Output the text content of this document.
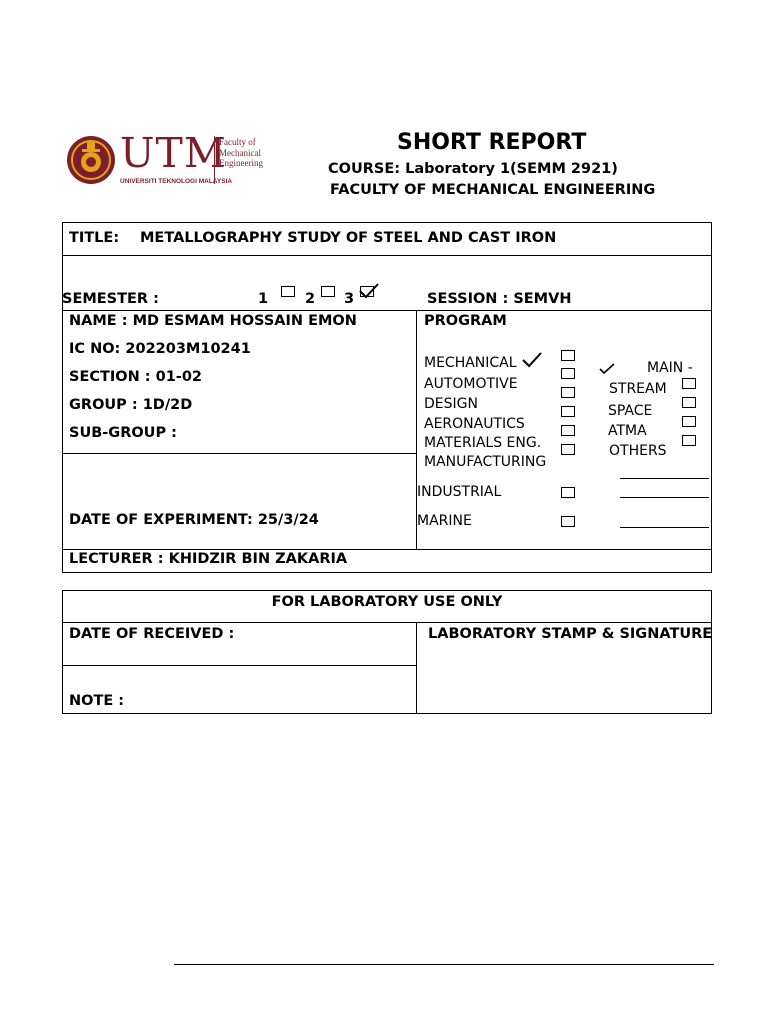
UTM
Faculty of
Mechanical Engineering
UNIVERSITI TEKNOLOGI MALAYSIA
SHORT REPORT
COURSE: Laboratory 1(SEMM 2921)
FACULTY OF MECHANICAL ENGINEERING
TITLE: METALLOGRAPHY STUDY OF STEEL AND CAST IRON
SEMESTER :	1	2 3	SESSION : SEMVH
NAME : MD ESMAM HOSSAIN EMON
IC NO: 202203M10241
SECTION : 01-02
GROUP : 1D/2D
SUB-GROUP :
DATE OF EXPERIMENT: 25/3/24
PROGRAM
MECHANICAL
AUTOMOTIVE
DESIGN
AERONAUTICS
MATERIALS ENG.
MANUFACTURING
INDUSTRIAL
MARINE
MAIN -
STREAM
SPACE
ATMA
OTHERS
LECTURER : KHIDZIR BIN ZAKARIA
FOR LABORATORY USE ONLY
DATE OF RECEIVED :	LABORATORY STAMP & SIGNATURE
NOTE :
